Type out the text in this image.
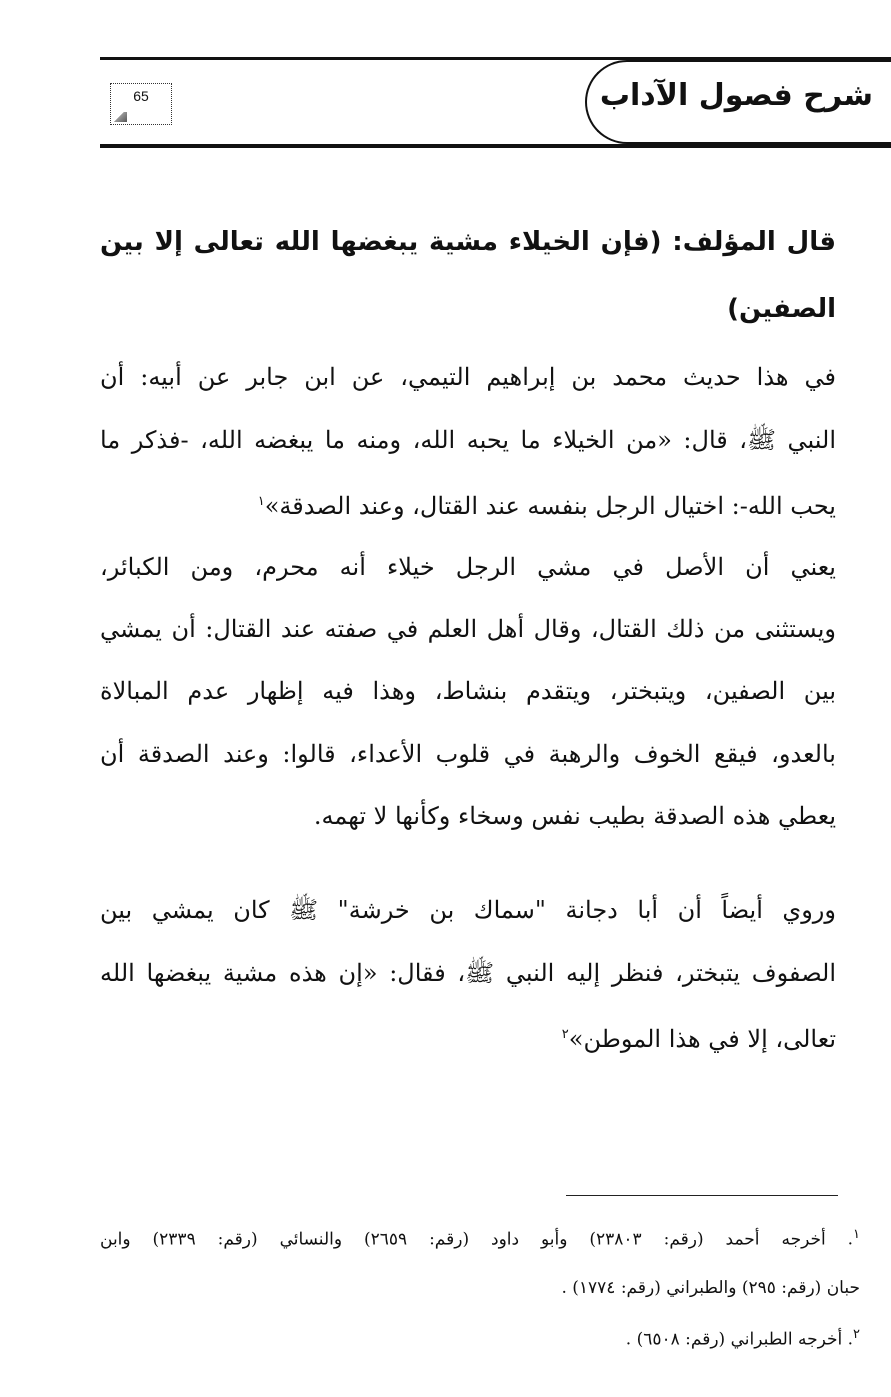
شرح فصول الآداب
65
قال المؤلف: (فإن الخيلاء مشية يبغضها الله تعالى إلا بين
الصفين)
في هذا حديث محمد بن إبراهيم التيمي، عن ابن جابر عن أبيه: أن
النبي ﷺ، قال: «من الخيلاء ما يحبه الله، ومنه ما يبغضه الله، -فذكر ما
يحب الله-: اختيال الرجل بنفسه عند القتال، وعند الصدقة»$^١$
يعني أن الأصل في مشي الرجل خيلاء أنه محرم، ومن الكبائر،
ويستثنى من ذلك القتال، وقال أهل العلم في صفته عند القتال: أن يمشي
بين الصفين، ويتبختر، ويتقدم بنشاط، وهذا فيه إظهار عدم المبالاة
بالعدو، فيقع الخوف والرهبة في قلوب الأعداء، قالوا: وعند الصدقة أن
يعطي هذه الصدقة بطيب نفس وسخاء وكأنها لا تهمه.
وروي أيضاً أن أبا دجانة "سماك بن خرشة" ﷺ كان يمشي بين
الصفوف يتبختر، فنظر إليه النبي ﷺ، فقال: «إن هذه مشية يبغضها الله
تعالى، إلا في هذا الموطن»$^٢$
$^١$. أخرجه أحمد (رقم: ٢٣٨٠٣) وأبو داود (رقم: ٢٦٥٩) والنسائي (رقم: ٢٣٣٩) وابن
حبان (رقم: ٢٩٥) والطبراني (رقم: ١٧٧٤) .
$^٢$. أخرجه الطبراني (رقم: ٦٥٠٨) .
